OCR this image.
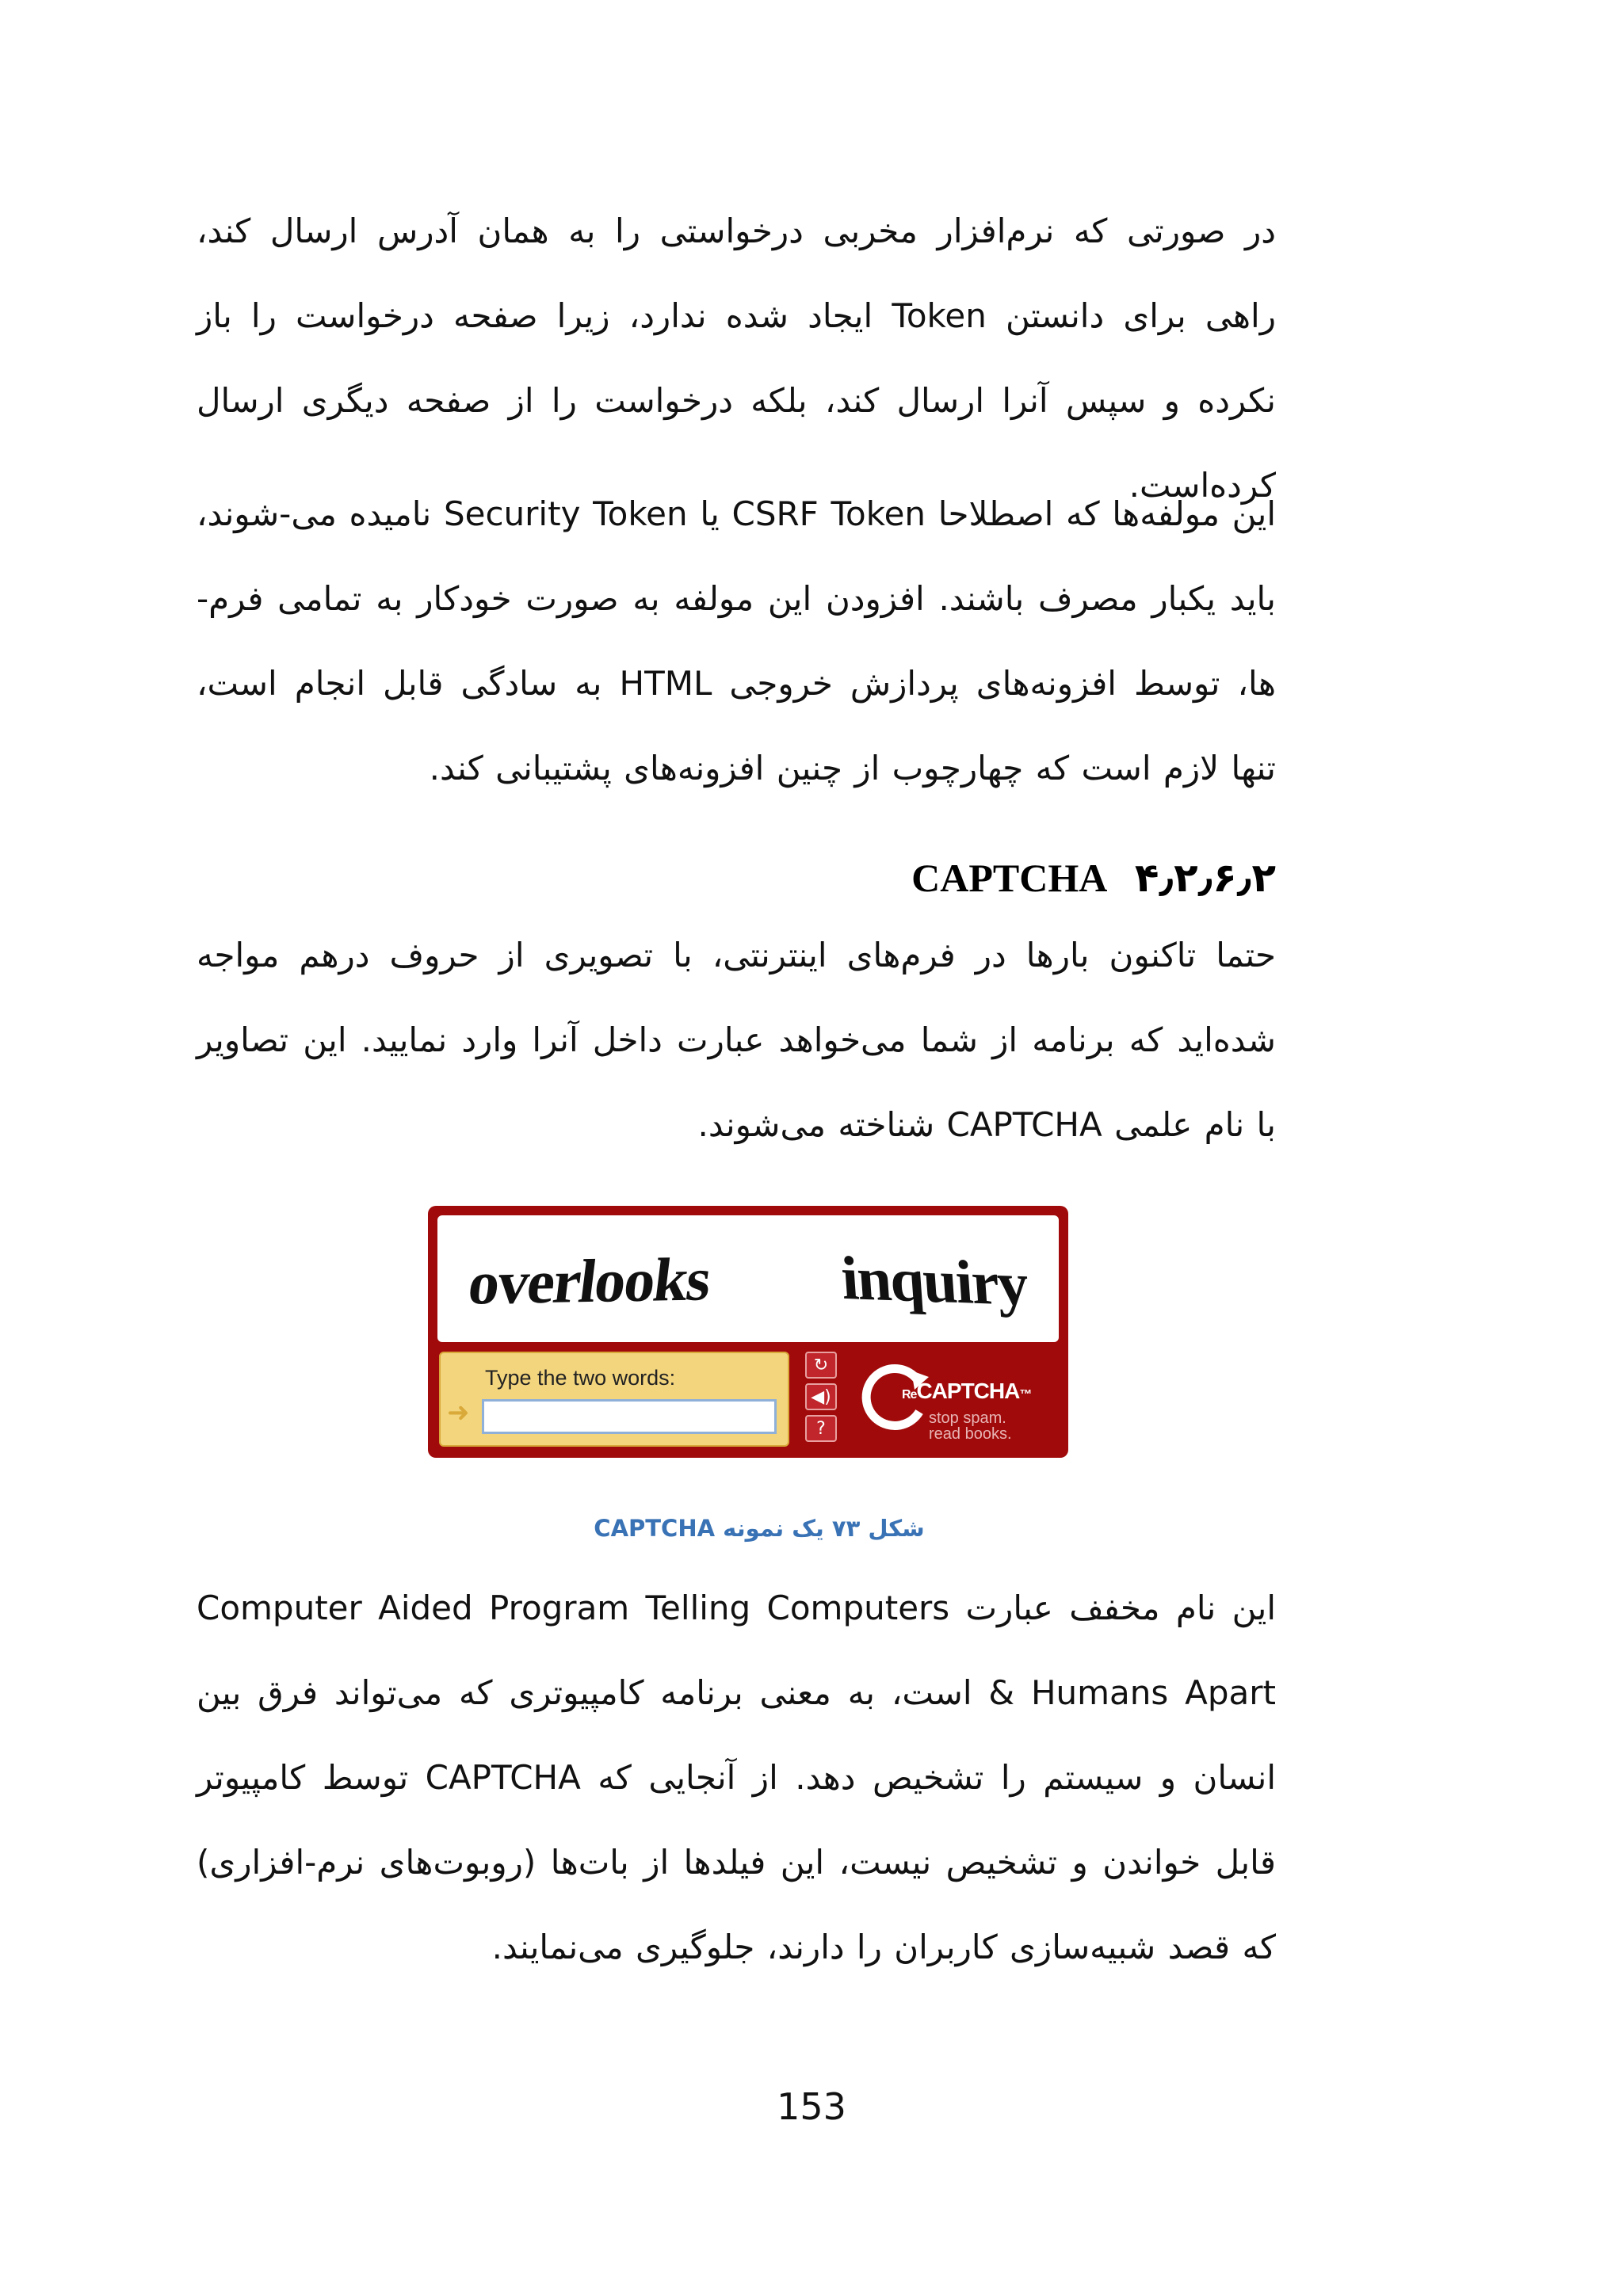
در صورتی که نرم‌افزار مخربی درخواستی را به همان آدرس ارسال کند، راهی برای دانستن Token ایجاد شده ندارد، زیرا صفحه درخواست را باز نکرده و سپس آنرا ارسال کند، بلکه درخواست را از صفحه دیگری ارسال کرده‌است.
این مولفه‌ها که اصطلاحا CSRF Token یا Security Token نامیده می-شوند، باید یکبار مصرف باشند. افزودن این مولفه به صورت خودکار به تمامی فرم-ها، توسط افزونه‌های پردازش خروجی HTML به سادگی قابل انجام است، تنها لازم است که چهارچوب از چنین افزونه‌های پشتیبانی کند.
۴٫۲٫۶٫۲ CAPTCHA
حتما تاکنون بارها در فرم‌های اینترنتی، با تصویری از حروف درهم مواجه شده‌اید که برنامه از شما می‌خواهد عبارت داخل آنرا وارد نمایید. این تصاویر با نام علمی CAPTCHA شناخته می‌شوند.
overlooks inquiry
➜
Type the two words:
↻
◀)
?
ReCAPTCHA™
stop spam.
read books.
شکل ۷۳ یک نمونه CAPTCHA
این نام مخفف عبارت Computer Aided Program Telling Computers & Humans Apart است، به معنی برنامه کامپیوتری که می‌تواند فرق بین انسان و سیستم را تشخیص دهد. از آنجایی که CAPTCHA توسط کامپیوتر قابل خواندن و تشخیص نیست، این فیلدها از بات‌ها (روبوت‌های نرم-افزاری) که قصد شبیه‌سازی کاربران را دارند، جلوگیری می‌نمایند.
153
